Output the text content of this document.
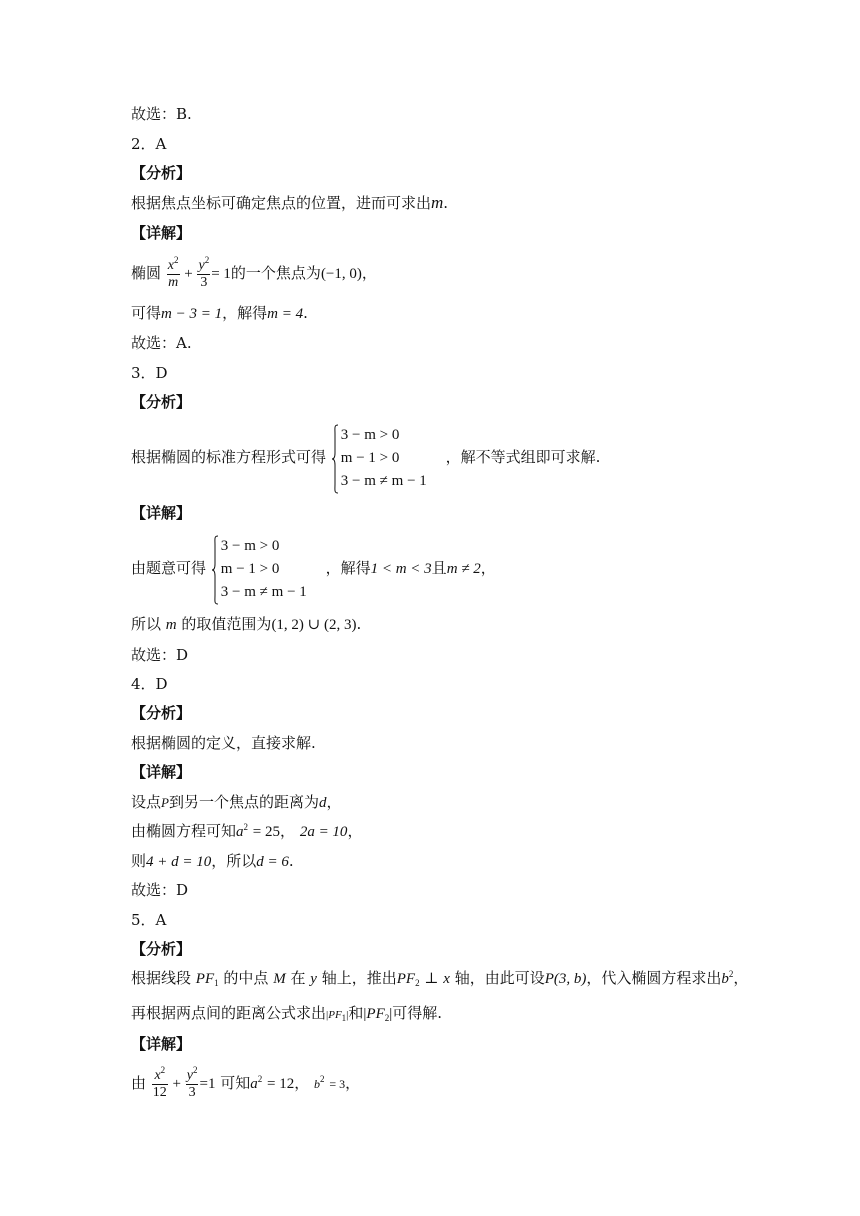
故选：B.
2．A
【分析】
根据焦点坐标可确定焦点的位置，进而可求出m.
【详解】
椭圆 $\frac{x^2}{m} + \frac{y^2}{3} = 1$的一个焦点为(−1, 0)，
可得m − 3 = 1，解得m = 4.
故选：A.
3．D
【分析】
根据椭圆的标准方程形式可得
3 − m > 0
m − 1 > 0
3 − m ≠ m − 1
，解不等式组即可求解.
【详解】
由题意可得
3 − m > 0
m − 1 > 0
3 − m ≠ m − 1
，解得1 < m < 3且m ≠ 2，
所以 m 的取值范围为(1, 2) ∪ (2, 3).
故选：D
4．D
【分析】
根据椭圆的定义，直接求解.
【详解】
设点P到另一个焦点的距离为d，
由椭圆方程可知$a^2 = 25$， 2a = 10，
则4 + d = 10，所以d = 6.
故选：D
5．A
【分析】
根据线段 $PF_1$ 的中点 M 在 y 轴上，推出$PF_2$ ⊥ x 轴，由此可设P(3, b)，代入椭圆方程求出$b^2$，
再根据两点间的距离公式求出$|PF_1|$和$|PF_2|$可得解.
【详解】
由 $\frac{x^2}{12} + \frac{y^2}{3} =1$ 可知$a^2 = 12$， $b^2 = 3$，
